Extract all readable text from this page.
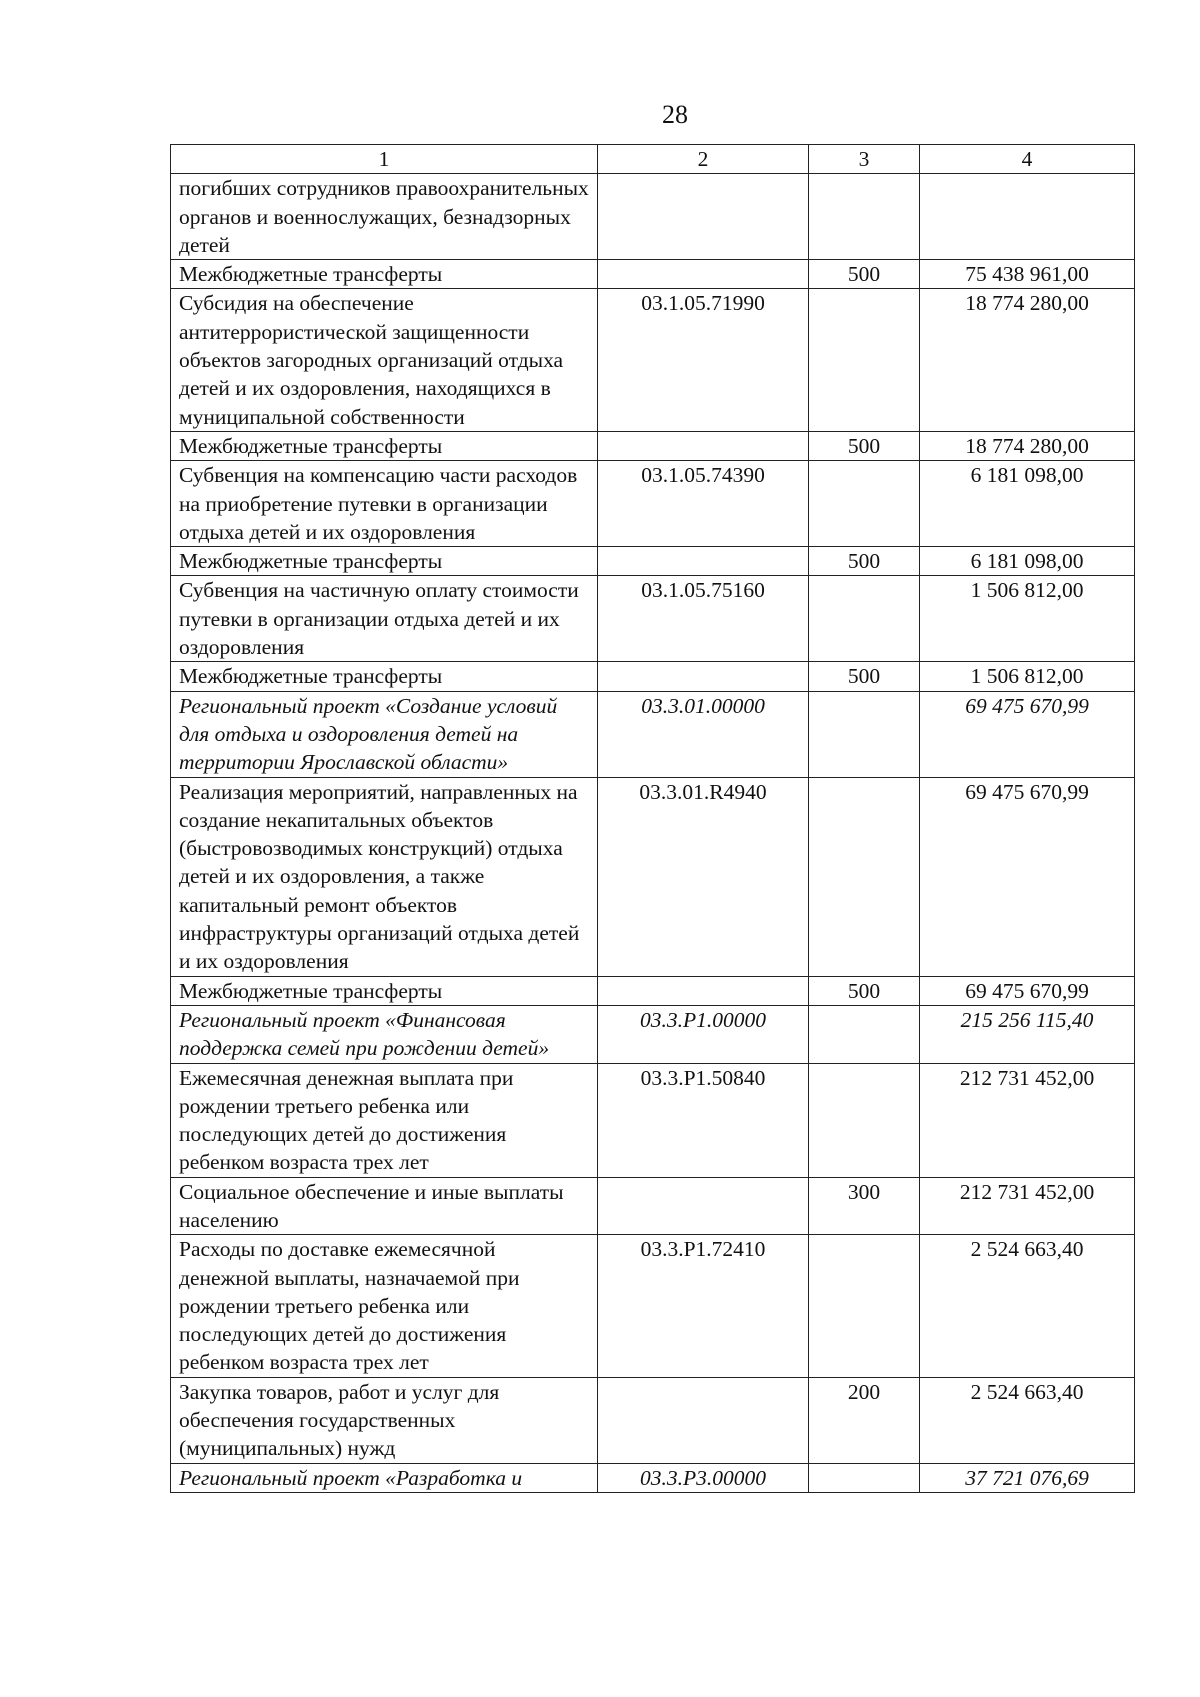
28
1	2	3	4
погибших сотрудников правоохранительных органов и военнослужащих, безнадзорных детей			
Межбюджетные трансферты		500	75 438 961,00
Субсидия на обеспечение антитеррористической защищенности объектов загородных организаций отдыха детей и их оздоровления, находящихся в муниципальной собственности	03.1.05.71990		18 774 280,00
Межбюджетные трансферты		500	18 774 280,00
Субвенция на компенсацию части расходов на приобретение путевки в организации отдыха детей и их оздоровления	03.1.05.74390		6 181 098,00
Межбюджетные трансферты		500	6 181 098,00
Субвенция на частичную оплату стоимости путевки в организации отдыха детей и их оздоровления	03.1.05.75160		1 506 812,00
Межбюджетные трансферты		500	1 506 812,00
Региональный проект «Создание условий для отдыха и оздоровления детей на территории Ярославской области»	03.3.01.00000		69 475 670,99
Реализация мероприятий, направленных на создание некапитальных объектов (быстровозводимых конструкций) отдыха детей и их оздоровления, а также капитальный ремонт объектов инфраструктуры организаций отдыха детей и их оздоровления	03.3.01.R4940		69 475 670,99
Межбюджетные трансферты		500	69 475 670,99
Региональный проект «Финансовая поддержка семей при рождении детей»	03.3.P1.00000		215 256 115,40
Ежемесячная денежная выплата при рождении третьего ребенка или последующих детей до достижения ребенком возраста трех лет	03.3.P1.50840		212 731 452,00
Социальное обеспечение и иные выплаты населению		300	212 731 452,00
Расходы по доставке ежемесячной денежной выплаты, назначаемой при рождении третьего ребенка или последующих детей до достижения ребенком возраста трех лет	03.3.P1.72410		2 524 663,40
Закупка товаров, работ и услуг для обеспечения государственных (муниципальных) нужд		200	2 524 663,40
Региональный проект «Разработка и	03.3.P3.00000		37 721 076,69
